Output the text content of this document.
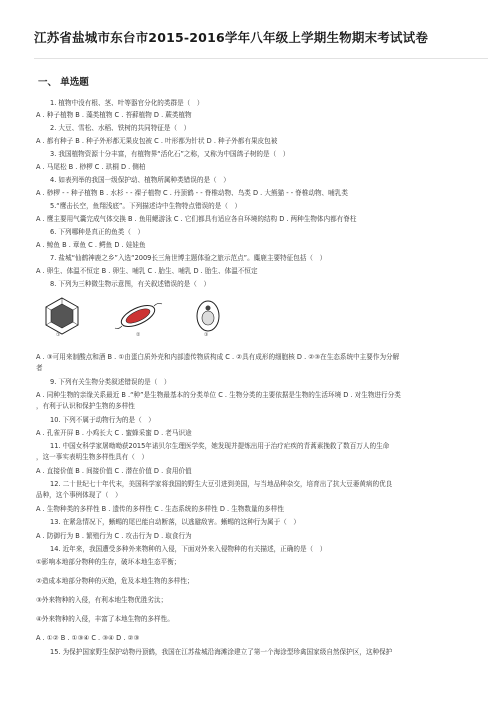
江苏省盐城市东台市2015-2016学年八年级上学期生物期末考试试卷
一、 单选题
1. 植物中没有根、茎、叶等器官分化的类群是（　）
A . 种子植物 B . 藻类植物 C . 苔藓植物 D . 蕨类植物
2. 大豆、雪松、水稻、铁树的共同特征是（　）
A . 都有种子 B . 种子外形都无果皮包被 C . 叶形都为针状 D . 种子外都有果皮包被
3. 我国植物资源十分丰富，有植物界“活化石”之称，又称为中国鸽子树的是（　）
A . 马尾松 B . 桫椤 C . 珙桐 D . 侧柏
4. 如表列举的我国一级保护动、植物所属种类错误的是（　）
A . 桫椤 - - 种子植物 B . 水杉 - - 裸子植物 C . 丹顶鹤 - - 脊椎动物、鸟类 D . 大熊猫 - - 脊椎动物、哺乳类
5.“鹰击长空，鱼翔浅底”。下列描述诗中生物特点错误的是（　）
A . 鹰主要用气囊完成气体交换 B . 鱼用鳃游泳 C . 它们都具有适应各自环境的结构 D . 两种生物体内都有脊柱
6. 下列哪种是真正的鱼类（　）
A . 鲸鱼 B . 章鱼 C . 鳄鱼 D . 娃娃鱼
7. 盐城“仙鹤神鹿之乡”入选“2009长三角世博主题体验之旅示范点”。麋鹿主要特征包括（　）
A . 卵生、体温不恒定 B . 卵生、哺乳 C . 胎生、哺乳 D . 胎生、体温不恒定
8. 下列为三种微生物示意图，有关叙述错误的是（　）
①	②	③
A . ③可用来制酸点和酒 B . ①由蛋白质外壳和内部遗传物质构成 C . ②具有成形的细胞核 D . ②③在生态系统中主要作为分解
者
9. 下列有关生物分类叙述错误的是（　）
A . 同种生物的亲缘关系最近 B .“种”是生物最基本的分类单位 C . 生物分类的主要依据是生物的生活环境 D . 对生物进行分类
，有利于认识和保护生物的多样性
10. 下列不属于动物行为的是（　）
A . 孔雀开屏 B . 小鸡长大 C . 蜜蜂采蜜 D . 老马识途
11. 中国女科学家屠呦呦获2015年诺贝尔生理医学奖，她发现并提炼出用于治疗疟疾的青蒿素挽救了数百万人的生命
，这一事实表明生物多样性具有（　）
A . 直接价值 B . 间接价值 C . 潜在价值 D . 食用价值
12. 二十世纪七十年代末，美国科学家将我国的野生大豆引进到美国，与当地品种杂交，培育出了抗大豆萎黄病的优良
品种，这个事例体现了（　）
A . 生物种类的多样性 B . 遗传的多样性 C . 生态系统的多样性 D . 生物数量的多样性
13. 在紧急情况下，蜥蜴的尾巴能自动断落，以逃避敌害。蜥蜴的这种行为属于（　）
A . 防御行为 B . 繁殖行为 C . 攻击行为 D . 取食行为
14. 近年来，我国遭受多种外来物种的入侵，下面对外来入侵物种的有关描述，正确的是（　）
①影响本地部分物种的生存，破坏本地生态平衡；
②造成本地部分物种的灭绝，危及本地生物的多样性；
③外来物种的入侵，有利本地生物优胜劣汰；
④外来物种的入侵，丰富了本地生物的多样性。
A . ①② B . ①③④ C . ③④ D . ②③
15. 为保护国家野生保护动物丹顶鹤，我国在江苏盐城沿海滩涂建立了第一个海涂型珍禽国家级自然保护区，这种保护
